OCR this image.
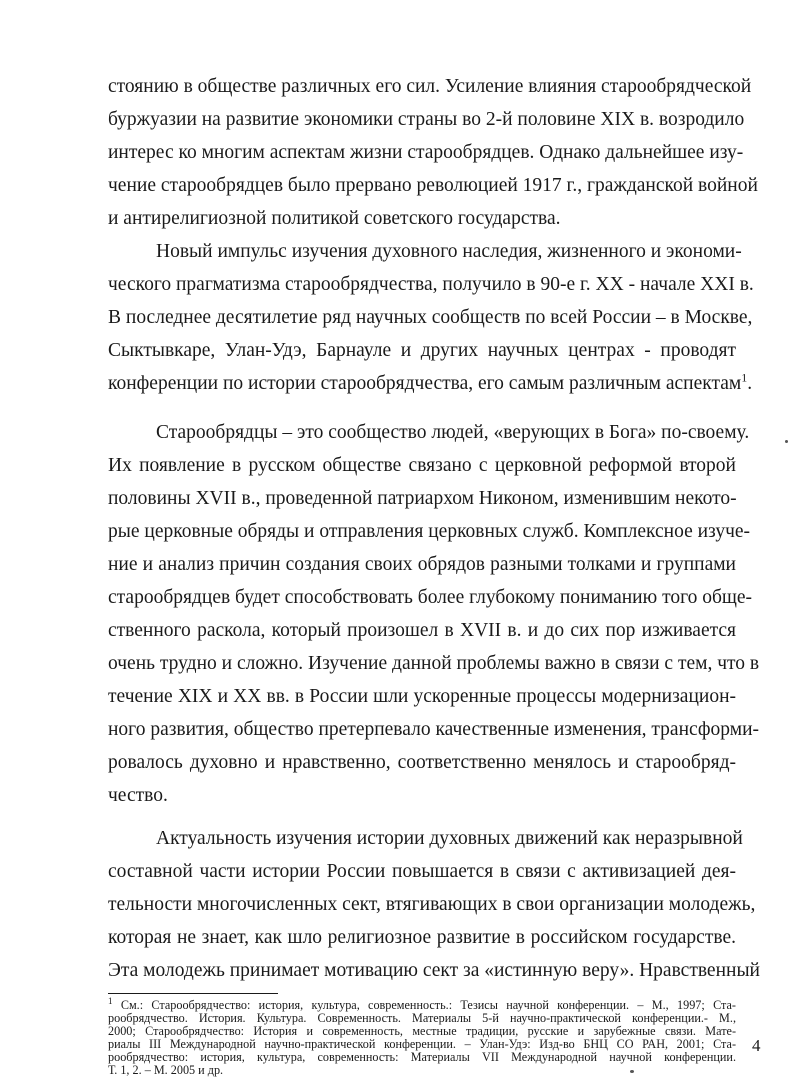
стоянию в обществе различных его сил. Усиление влияния старообрядческой
буржуазии на развитие экономики страны во 2-й половине XIX в. возродило
интерес ко многим аспектам жизни старообрядцев. Однако дальнейшее изу-
чение старообрядцев было прервано революцией 1917 г., гражданской войной
и антирелигиозной политикой советского государства.
Новый импульс изучения духовного наследия, жизненного и экономи-
ческого прагматизма старообрядчества, получило в 90-е г. XX - начале XXI в.
В последнее десятилетие ряд научных сообществ по всей России – в Москве,
Сыктывкаре, Улан-Удэ, Барнауле и других научных центрах - проводят
конференции по истории старообрядчества, его самым различным аспектам$^1$.
Старообрядцы – это сообщество людей, «верующих в Бога» по-своему.
Их появление в русском обществе связано с церковной реформой второй
половины XVII в., проведенной патриархом Никоном, изменившим некото-
рые церковные обряды и отправления церковных служб. Комплексное изуче-
ние и анализ причин создания своих обрядов разными толками и группами
старообрядцев будет способствовать более глубокому пониманию того обще-
ственного раскола, который произошел в XVII в. и до сих пор изживается
очень трудно и сложно. Изучение данной проблемы важно в связи с тем, что в
течение XIX и XX вв. в России шли ускоренные процессы модернизацион-
ного развития, общество претерпевало качественные изменения, трансформи-
ровалось духовно и нравственно, соответственно менялось и старообряд-
чество.
Актуальность изучения истории духовных движений как неразрывной
составной части истории России повышается в связи с активизацией дея-
тельности многочисленных сект, втягивающих в свои организации молодежь,
которая не знает, как шло религиозное развитие в российском государстве.
Эта молодежь принимает мотивацию сект за «истинную веру». Нравственный
$^1$ См.: Старообрядчество: история, культура, современность.: Тезисы научной конференции. – М., 1997; Ста-
рообрядчество. История. Культура. Современность. Материалы 5-й научно-практической конференции.- М.,
2000; Старообрядчество: История и современность, местные традиции, русские и зарубежные связи. Мате-
риалы III Международной научно-практической конференции. – Улан-Удэ: Изд-во БНЦ СО РАН, 2001; Ста-
рообрядчество: история, культура, современность: Материалы VII Международной научной конференции.
Т. 1, 2. – М. 2005 и др.
4
